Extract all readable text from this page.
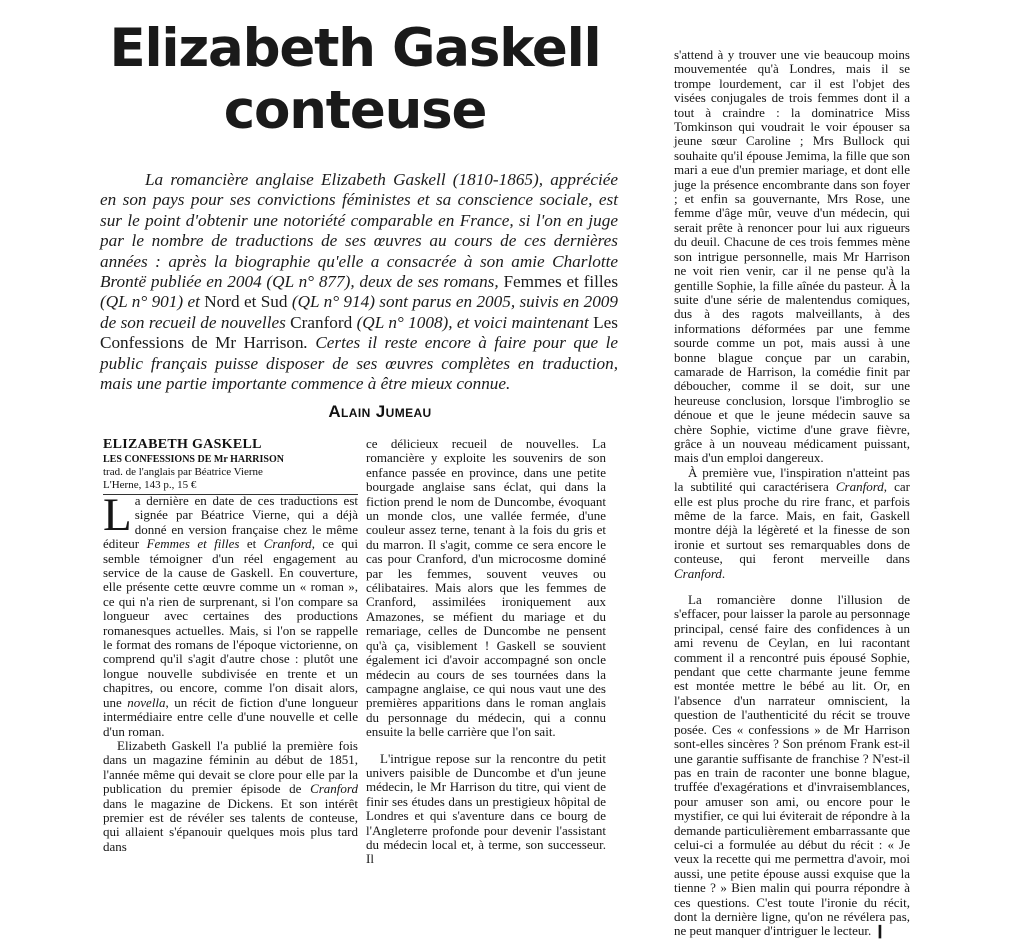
Elizabeth Gaskell
conteuse

La romancière anglaise Elizabeth Gaskell (1810-1865), appréciée en son pays pour ses convictions féministes et sa conscience sociale, est sur le point d'obtenir une notoriété comparable en France, si l'on en juge par le nombre de traductions de ses œuvres au cours de ces dernières années : après la biographie qu'elle a consacrée à son amie Charlotte Brontë publiée en 2004 (QL n° 877), deux de ses romans, Femmes et filles (QL n° 901) et Nord et Sud (QL n° 914) sont parus en 2005, suivis en 2009 de son recueil de nouvelles Cranford (QL n° 1008), et voici maintenant Les Confessions de Mr Harrison. Certes il reste encore à faire pour que le public français puisse disposer de ses œuvres complètes en traduction, mais une partie importante commence à être mieux connue.

Alain Jumeau
ELIZABETH GASKELL
LES CONFESSIONS DE Mr HARRISON
trad. de l'anglais par Béatrice Vierne
L'Herne, 143 p., 15 €

La dernière en date de ces traductions est signée par Béatrice Vierne, qui a déjà donné en version française chez le même éditeur Femmes et filles et Cranford, ce qui semble témoigner d'un réel engagement au service de la cause de Gaskell. En couverture, elle présente cette œuvre comme un « roman », ce qui n'a rien de surprenant, si l'on compare sa longueur avec certaines des productions romanesques actuelles. Mais, si l'on se rappelle le format des romans de l'époque victorienne, on comprend qu'il s'agit d'autre chose : plutôt une longue nouvelle subdivisée en trente et un chapitres, ou encore, comme l'on disait alors, une novella, un récit de fiction d'une longueur intermédiaire entre celle d'une nouvelle et celle d'un roman.

Elizabeth Gaskell l'a publié la première fois dans un magazine féminin au début de 1851, l'année même qui devait se clore pour elle par la publication du premier épisode de Cranford dans le magazine de Dickens. Et son intérêt premier est de révéler ses talents de conteuse, qui allaient s'épanouir quelques mois plus tard dans

ce délicieux recueil de nouvelles. La romancière y exploite les souvenirs de son enfance passée en province, dans une petite bourgade anglaise sans éclat, qui dans la fiction prend le nom de Duncombe, évoquant un monde clos, une vallée fermée, d'une couleur assez terne, tenant à la fois du gris et du marron. Il s'agit, comme ce sera encore le cas pour Cranford, d'un microcosme dominé par les femmes, souvent veuves ou célibataires. Mais alors que les femmes de Cranford, assimilées ironiquement aux Amazones, se méfient du mariage et du remariage, celles de Duncombe ne pensent qu'à ça, visiblement ! Gaskell se souvient également ici d'avoir accompagné son oncle médecin au cours de ses tournées dans la campagne anglaise, ce qui nous vaut une des premières apparitions dans le roman anglais du personnage du médecin, qui a connu ensuite la belle carrière que l'on sait.

L'intrigue repose sur la rencontre du petit univers paisible de Duncombe et d'un jeune médecin, le Mr Harrison du titre, qui vient de finir ses études dans un prestigieux hôpital de Londres et qui s'aventure dans ce bourg de l'Angleterre profonde pour devenir l'assistant du médecin local et, à terme, son successeur. Il

s'attend à y trouver une vie beaucoup moins mouvementée qu'à Londres, mais il se trompe lourdement, car il est l'objet des visées conjugales de trois femmes dont il a tout à craindre : la dominatrice Miss Tomkinson qui voudrait le voir épouser sa jeune sœur Caroline ; Mrs Bullock qui souhaite qu'il épouse Jemima, la fille que son mari a eue d'un premier mariage, et dont elle juge la présence encombrante dans son foyer ; et enfin sa gouvernante, Mrs Rose, une femme d'âge mûr, veuve d'un médecin, qui serait prête à renoncer pour lui aux rigueurs du deuil. Chacune de ces trois femmes mène son intrigue personnelle, mais Mr Harrison ne voit rien venir, car il ne pense qu'à la gentille Sophie, la fille aînée du pasteur. À la suite d'une série de malentendus comiques, dus à des ragots malveillants, à des informations déformées par une femme sourde comme un pot, mais aussi à une bonne blague conçue par un carabin, camarade de Harrison, la comédie finit par déboucher, comme il se doit, sur une heureuse conclusion, lorsque l'imbroglio se dénoue et que le jeune médecin sauve sa chère Sophie, victime d'une grave fièvre, grâce à un nouveau médicament puissant, mais d'un emploi dangereux.

À première vue, l'inspiration n'atteint pas la subtilité qui caractérisera Cranford, car elle est plus proche du rire franc, et parfois même de la farce. Mais, en fait, Gaskell montre déjà la légèreté et la finesse de son ironie et surtout ses remarquables dons de conteuse, qui feront merveille dans Cranford.

La romancière donne l'illusion de s'effacer, pour laisser la parole au personnage principal, censé faire des confidences à un ami revenu de Ceylan, en lui racontant comment il a rencontré puis épousé Sophie, pendant que cette charmante jeune femme est montée mettre le bébé au lit. Or, en l'absence d'un narrateur omniscient, la question de l'authenticité du récit se trouve posée. Ces « confessions » de Mr Harrison sont-elles sincères ? Son prénom Frank est-il une garantie suffisante de franchise ? N'est-il pas en train de raconter une bonne blague, truffée d'exagérations et d'invraisemblances, pour amuser son ami, ou encore pour le mystifier, ce qui lui éviterait de répondre à la demande particulièrement embarrassante que celui-ci a formulée au début du récit : « Je veux la recette qui me permettra d'avoir, moi aussi, une petite épouse aussi exquise que la tienne ? » Bien malin qui pourra répondre à ces questions. C'est toute l'ironie du récit, dont la dernière ligne, qu'on ne révélera pas, ne peut manquer d'intriguer le lecteur. ❙
